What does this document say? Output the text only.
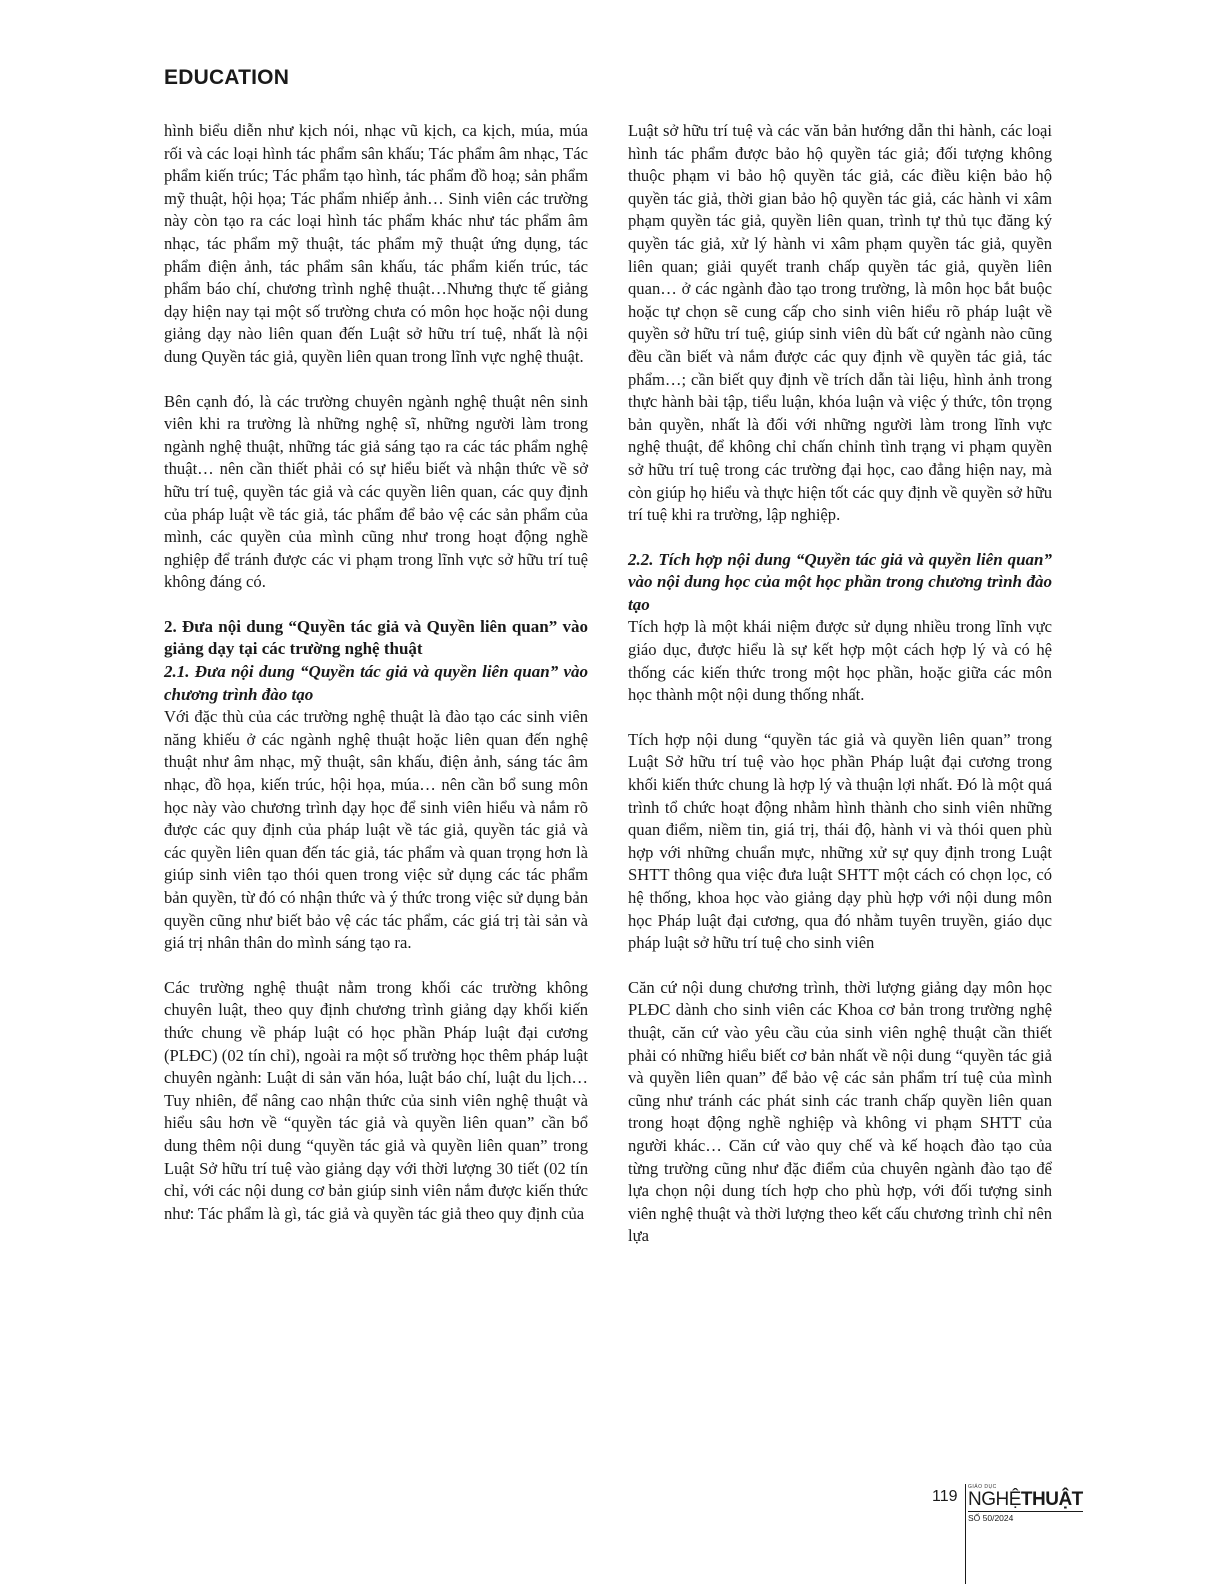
EDUCATION

hình biểu diễn như kịch nói, nhạc vũ kịch, ca kịch, múa, múa rối và các loại hình tác phẩm sân khấu; Tác phẩm âm nhạc, Tác phẩm kiến trúc; Tác phẩm tạo hình, tác phẩm đồ hoạ; sản phẩm mỹ thuật, hội họa; Tác phẩm nhiếp ảnh… Sinh viên các trường này còn tạo ra các loại hình tác phẩm khác như tác phẩm âm nhạc, tác phẩm mỹ thuật, tác phẩm mỹ thuật ứng dụng, tác phẩm điện ảnh, tác phẩm sân khấu, tác phẩm kiến trúc, tác phẩm báo chí, chương trình nghệ thuật…Nhưng thực tế giảng dạy hiện nay tại một số trường chưa có môn học hoặc nội dung giảng dạy nào liên quan đến Luật sở hữu trí tuệ, nhất là nội dung Quyền tác giả, quyền liên quan trong lĩnh vực nghệ thuật.

Bên cạnh đó, là các trường chuyên ngành nghệ thuật nên sinh viên khi ra trường là những nghệ sĩ, những người làm trong ngành nghệ thuật, những tác giả sáng tạo ra các tác phẩm nghệ thuật… nên cần thiết phải có sự hiểu biết và nhận thức về sở hữu trí tuệ, quyền tác giả và các quyền liên quan, các quy định của pháp luật về tác giả, tác phẩm để bảo vệ các sản phẩm của mình, các quyền của mình cũng như trong hoạt động nghề nghiệp để tránh được các vi phạm trong lĩnh vực sở hữu trí tuệ không đáng có.

2. Đưa nội dung “Quyền tác giả và Quyền liên quan” vào giảng dạy tại các trường nghệ thuật
2.1. Đưa nội dung “Quyền tác giả và quyền liên quan” vào chương trình đào tạo

Với đặc thù của các trường nghệ thuật là đào tạo các sinh viên năng khiếu ở các ngành nghệ thuật hoặc liên quan đến nghệ thuật như âm nhạc, mỹ thuật, sân khấu, điện ảnh, sáng tác âm nhạc, đồ họa, kiến trúc, hội họa, múa… nên cần bổ sung môn học này vào chương trình dạy học để sinh viên hiểu và nắm rõ được các quy định của pháp luật về tác giả, quyền tác giả và các quyền liên quan đến tác giả, tác phẩm và quan trọng hơn là giúp sinh viên tạo thói quen trong việc sử dụng các tác phẩm bản quyền, từ đó có nhận thức và ý thức trong việc sử dụng bản quyền cũng như biết bảo vệ các tác phẩm, các giá trị tài sản và giá trị nhân thân do mình sáng tạo ra.

Các trường nghệ thuật nằm trong khối các trường không chuyên luật, theo quy định chương trình giảng dạy khối kiến thức chung về pháp luật có học phần Pháp luật đại cương (PLĐC) (02 tín chỉ), ngoài ra một số trường học thêm pháp luật chuyên ngành: Luật di sản văn hóa, luật báo chí, luật du lịch… Tuy nhiên, để nâng cao nhận thức của sinh viên nghệ thuật và hiểu sâu hơn về “quyền tác giả và quyền liên quan” cần bổ dung thêm nội dung “quyền tác giả và quyền liên quan” trong Luật Sở hữu trí tuệ vào giảng dạy với thời lượng 30 tiết (02 tín chỉ, với các nội dung cơ bản giúp sinh viên nắm được kiến thức như: Tác phẩm là gì, tác giả và quyền tác giả theo quy định của

Luật sở hữu trí tuệ và các văn bản hướng dẫn thi hành, các loại hình tác phẩm được bảo hộ quyền tác giả; đối tượng không thuộc phạm vi bảo hộ quyền tác giả, các điều kiện bảo hộ quyền tác giả, thời gian bảo hộ quyền tác giả, các hành vi xâm phạm quyền tác giả, quyền liên quan, trình tự thủ tục đăng ký quyền tác giả, xử lý hành vi xâm phạm quyền tác giả, quyền liên quan; giải quyết tranh chấp quyền tác giả, quyền liên quan… ở các ngành đào tạo trong trường, là môn học bắt buộc hoặc tự chọn sẽ cung cấp cho sinh viên hiểu rõ pháp luật về quyền sở hữu trí tuệ, giúp sinh viên dù bất cứ ngành nào cũng đều cần biết và nắm được các quy định về quyền tác giả, tác phẩm…; cần biết quy định về trích dẫn tài liệu, hình ảnh trong thực hành bài tập, tiểu luận, khóa luận và việc ý thức, tôn trọng bản quyền, nhất là đối với những người làm trong lĩnh vực nghệ thuật, để không chỉ chấn chỉnh tình trạng vi phạm quyền sở hữu trí tuệ trong các trường đại học, cao đẳng hiện nay, mà còn giúp họ hiểu và thực hiện tốt các quy định về quyền sở hữu trí tuệ khi ra trường, lập nghiệp.

2.2. Tích hợp nội dung “Quyền tác giả và quyền liên quan” vào nội dung học của một học phần trong chương trình đào tạo

Tích hợp là một khái niệm được sử dụng nhiều trong lĩnh vực giáo dục, được hiểu là sự kết hợp một cách hợp lý và có hệ thống các kiến thức trong một học phần, hoặc giữa các môn học thành một nội dung thống nhất.

Tích hợp nội dung “quyền tác giả và quyền liên quan” trong Luật Sở hữu trí tuệ vào học phần Pháp luật đại cương trong khối kiến thức chung là hợp lý và thuận lợi nhất. Đó là một quá trình tổ chức hoạt động nhằm hình thành cho sinh viên những quan điểm, niềm tin, giá trị, thái độ, hành vi và thói quen phù hợp với những chuẩn mực, những xử sự quy định trong Luật SHTT thông qua việc đưa luật SHTT một cách có chọn lọc, có hệ thống, khoa học vào giảng dạy phù hợp với nội dung môn học Pháp luật đại cương, qua đó nhằm tuyên truyền, giáo dục pháp luật sở hữu trí tuệ cho sinh viên

Căn cứ nội dung chương trình, thời lượng giảng dạy môn học PLĐC dành cho sinh viên các Khoa cơ bản trong trường nghệ thuật, căn cứ vào yêu cầu của sinh viên nghệ thuật cần thiết phải có những hiểu biết cơ bản nhất về nội dung “quyền tác giả và quyền liên quan” để bảo vệ các sản phẩm trí tuệ của mình cũng như tránh các phát sinh các tranh chấp quyền liên quan trong hoạt động nghề nghiệp và không vi phạm SHTT của người khác… Căn cứ vào quy chế và kế hoạch đào tạo của từng trường cũng như đặc điểm của chuyên ngành đào tạo để lựa chọn nội dung tích hợp cho phù hợp, với đối tượng sinh viên nghệ thuật và thời lượng theo kết cấu chương trình chỉ nên lựa

119
GIÁO DỤC
NGHỆTHUẬT
SỐ 50/2024
